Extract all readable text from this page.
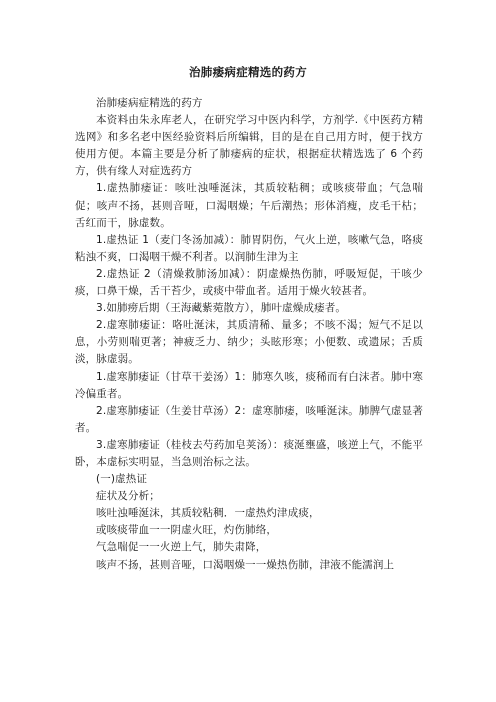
治肺痿病症精选的药方

治肺痿病症精选的药方

本资料由朱永库老人，在研究学习中医内科学，方剂学.《中医药方精选网》和多名老中医经验资料后所编辑，目的是在自己用方时，便于找方使用方便。本篇主要是分析了肺痿病的症状，根据症状精选选了 6 个药方，供有缘人对症选药方

1.虚热肺痿证：咳吐浊唾涎沫，其质较粘稠；或咳痰带血；气急喘促；咳声不扬，甚则音哑，口渴咽燥；午后潮热；形体消瘦，皮毛干枯；舌红而干，脉虚数。

1.虚热证 1（麦门冬汤加减）：肺胃阴伤，气火上逆，咳嗽气急，咯痰粘浊不爽，口渴咽干燥不利者。以润肺生津为主

2.虚热证 2（清燥救肺汤加减）：阴虚燥热伤肺，呼吸短促，干咳少痰，口鼻干燥，舌干苔少，或痰中带血者。适用于燥火较甚者。

3.如肺痨后期（王海藏紫菀散方），肺叶虚燥成痿者。

2.虚寒肺痿证：咯吐涎沫，其质清稀、量多；不咳不渴；短气不足以息，小劳则喘更著；神疲乏力、纳少；头眩形寒；小便数、或遗尿；舌质淡，脉虚弱。

1.虚寒肺痿证（甘草干姜汤）1：肺寒久咳，痰稀而有白沫者。肺中寒冷偏重者。

2.虚寒肺痿证（生姜甘草汤）2：虚寒肺痿，咳唾涎沫。肺脾气虚显著者。

3.虚寒肺痿证（桂枝去芍药加皂荚汤）：痰涎壅盛，咳逆上气，不能平卧，本虚标实明显，当急则治标之法。

(一)虚热证

症状及分析；

咳吐浊唾涎沫，其质较粘稠．一虚热灼津成痰，

或咳痰带血一一阴虚火旺，灼伤肺络，

气急喘促一一火逆上气，肺失肃降，

咳声不扬，甚则音哑，口渴咽燥一一燥热伤肺，津液不能濡润上
